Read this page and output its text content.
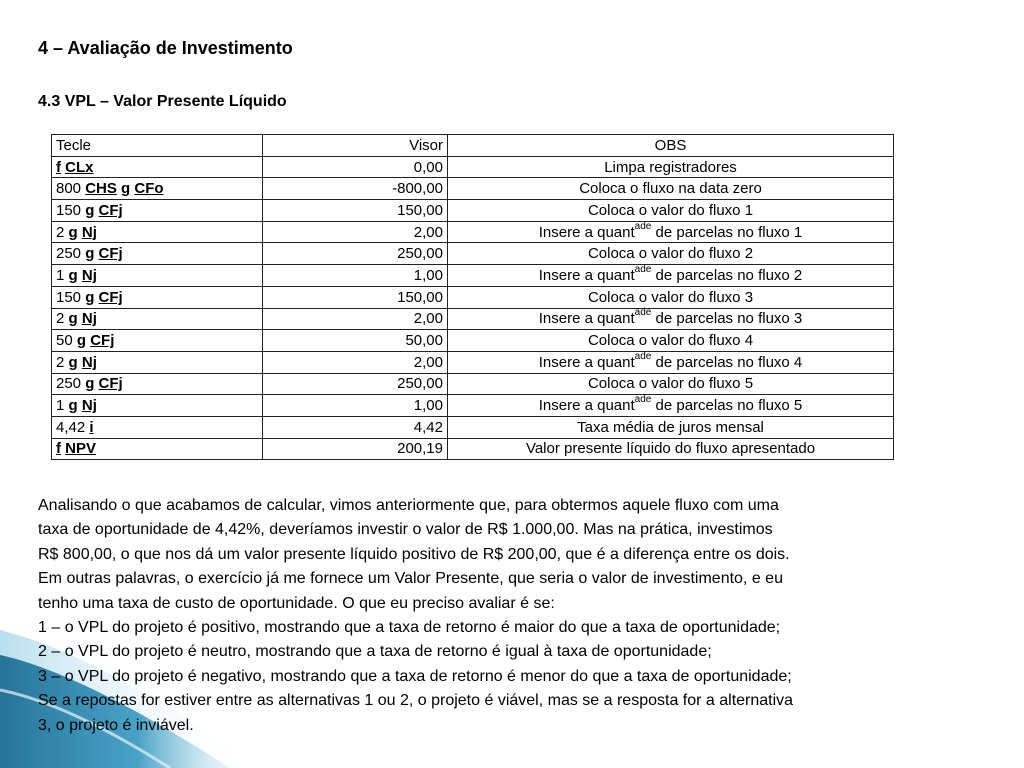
4 – Avaliação de Investimento
4.3 VPL – Valor Presente Líquido
Tecle	Visor	OBS
f CLx	0,00	Limpa registradores
800 CHS g CFo	-800,00	Coloca o fluxo na data zero
150 g CFj	150,00	Coloca o valor do fluxo 1
2 g Nj	2,00	Insere a quant$^{ade}$ de parcelas no fluxo 1
250 g CFj	250,00	Coloca o valor do fluxo 2
1 g Nj	1,00	Insere a quant$^{ade}$ de parcelas no fluxo 2
150 g CFj	150,00	Coloca o valor do fluxo 3
2 g Nj	2,00	Insere a quant$^{ade}$ de parcelas no fluxo 3
50 g CFj	50,00	Coloca o valor do fluxo 4
2 g Nj	2,00	Insere a quant$^{ade}$ de parcelas no fluxo 4
250 g CFj	250,00	Coloca o valor do fluxo 5
1 g Nj	1,00	Insere a quant$^{ade}$ de parcelas no fluxo 5
4,42 i	4,42	Taxa média de juros mensal
f NPV	200,19	Valor presente líquido do fluxo apresentado
Analisando o que acabamos de calcular, vimos anteriormente que, para obtermos aquele fluxo com uma
taxa de oportunidade de 4,42%, deveríamos investir o valor de R$ 1.000,00. Mas na prática, investimos
R$ 800,00, o que nos dá um valor presente líquido positivo de R$ 200,00, que é a diferença entre os dois.
Em outras palavras, o exercício já me fornece um Valor Presente, que seria o valor de investimento, e eu
tenho uma taxa de custo de oportunidade. O que eu preciso avaliar é se:
1 – o VPL do projeto é positivo, mostrando que a taxa de retorno é maior do que a taxa de oportunidade;
2 – o VPL do projeto é neutro, mostrando que a taxa de retorno é igual à taxa de oportunidade;
3 – o VPL do projeto é negativo, mostrando que a taxa de retorno é menor do que a taxa de oportunidade;
Se a repostas for estiver entre as alternativas 1 ou 2, o projeto é viável, mas se a resposta for a alternativa
3, o projeto é inviável.
